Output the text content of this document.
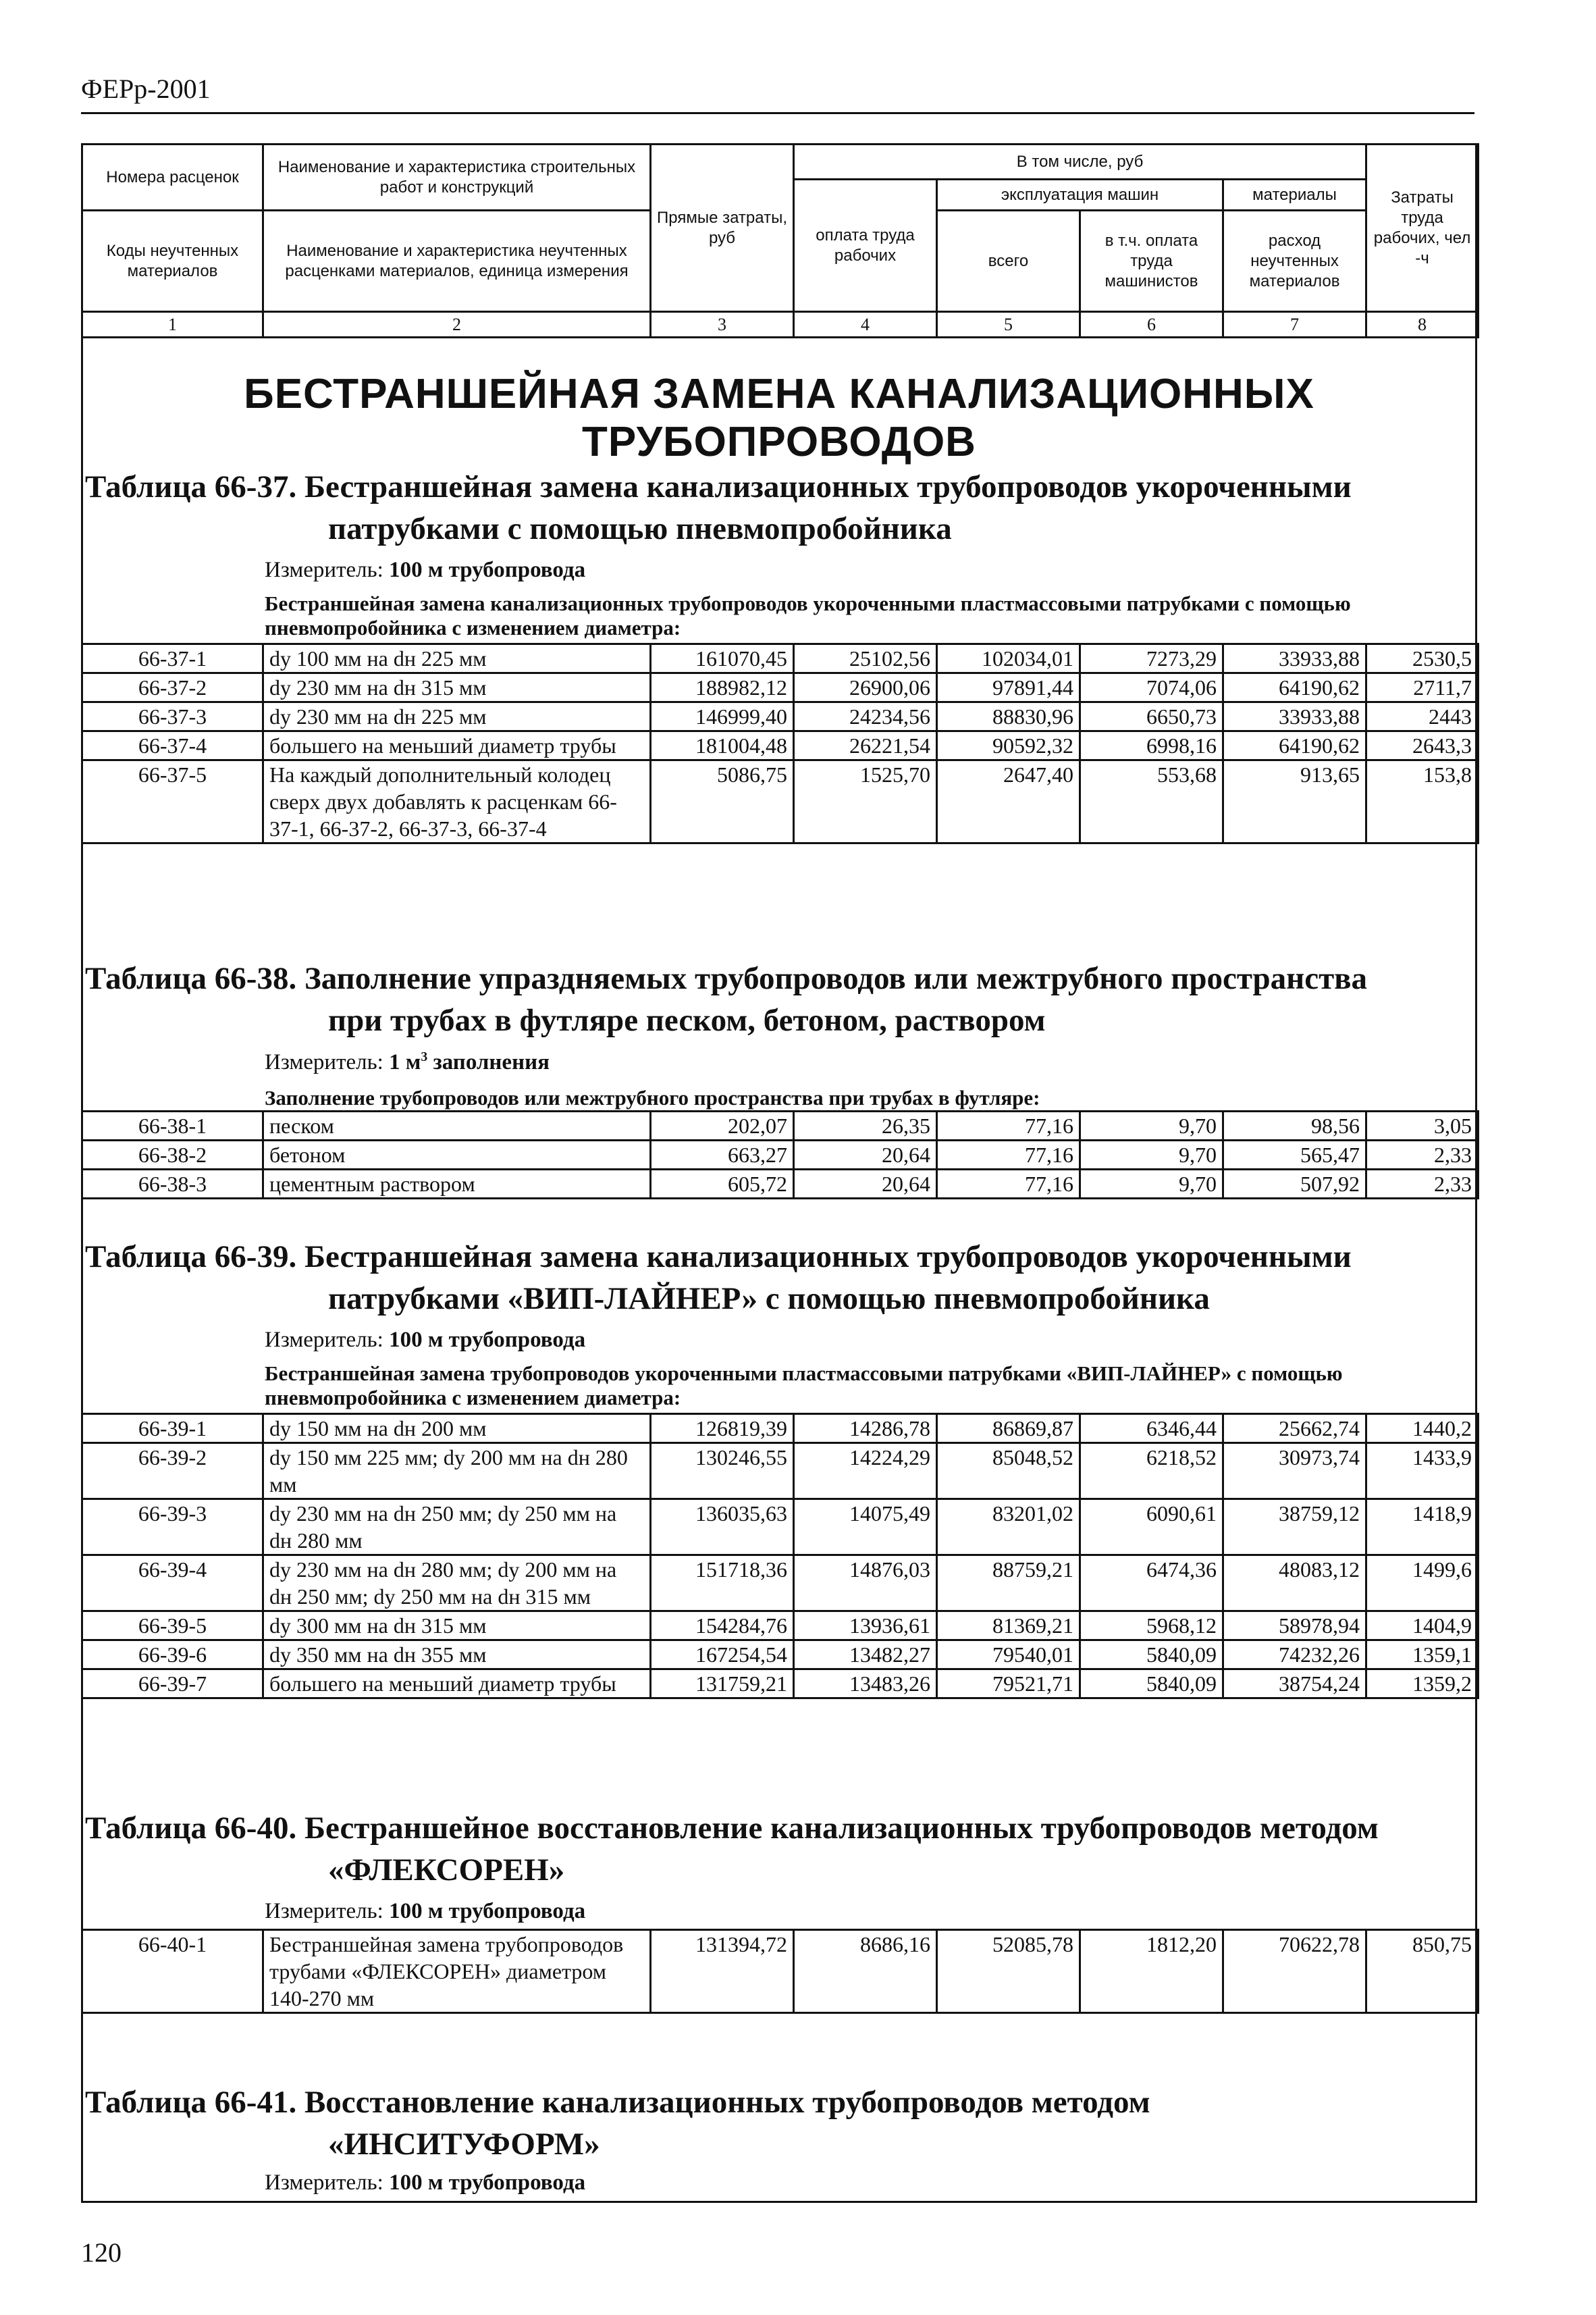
ФЕРр-2001
Номера расценок	Наименование и характеристика строительных работ и конструкций	Прямые затраты, руб	В том числе, руб				Затраты труда рабочих, чел -ч
			оплата труда рабочих	эксплуатация машин		материалы	
Коды неучтенных материалов	Наименование и характеристика неучтенных расценками материалов, единица измерения			всего	в т.ч. оплата труда машинистов	расход неучтенных материалов	

1	2	3	4	5	6	7	8
БЕСТРАНШЕЙНАЯ ЗАМЕНА КАНАЛИЗАЦИОННЫХ ТРУБОПРОВОДОВ
Таблица 66-37. Бестраншейная замена канализационных трубопроводов укороченными
патрубками с помощью пневмопробойника
Измеритель: 100 м трубопровода
Бестраншейная замена канализационных трубопроводов укороченными пластмассовыми патрубками с помощью пневмопробойника с изменением диаметра:
66-37-1	dy 100 мм на dн 225 мм	161070,45	25102,56	102034,01	7273,29	33933,88	2530,5
66-37-2	dy 230 мм на dн 315 мм	188982,12	26900,06	97891,44	7074,06	64190,62	2711,7
66-37-3	dy 230 мм на dн 225 мм	146999,40	24234,56	88830,96	6650,73	33933,88	2443
66-37-4	большего на меньший диаметр трубы	181004,48	26221,54	90592,32	6998,16	64190,62	2643,3
66-37-5	На каждый дополнительный колодец сверх двух добавлять к расценкам 66-37-1, 66-37-2, 66-37-3, 66-37-4	5086,75	1525,70	2647,40	553,68	913,65	153,8
Таблица 66-38. Заполнение упраздняемых трубопроводов или межтрубного пространства
при трубах в футляре песком, бетоном, раствором
Измеритель: 1 $м^3$ заполнения
Заполнение трубопроводов или межтрубного пространства при трубах в футляре:
66-38-1	песком	202,07	26,35	77,16	9,70	98,56	3,05
66-38-2	бетоном	663,27	20,64	77,16	9,70	565,47	2,33
66-38-3	цементным раствором	605,72	20,64	77,16	9,70	507,92	2,33
Таблица 66-39. Бестраншейная замена канализационных трубопроводов укороченными
патрубками «ВИП-ЛАЙНЕР» с помощью пневмопробойника
Измеритель: 100 м трубопровода
Бестраншейная замена трубопроводов укороченными пластмассовыми патрубками «ВИП-ЛАЙНЕР» с помощью пневмопробойника с изменением диаметра:
66-39-1	dy 150 мм на dн 200 мм	126819,39	14286,78	86869,87	6346,44	25662,74	1440,2
66-39-2	dy 150 мм 225 мм; dy 200 мм на dн 280 мм	130246,55	14224,29	85048,52	6218,52	30973,74	1433,9
66-39-3	dy 230 мм на dн 250 мм; dy 250 мм на dн 280 мм	136035,63	14075,49	83201,02	6090,61	38759,12	1418,9
66-39-4	dy 230 мм на dн 280 мм; dy 200 мм на dн 250 мм; dy 250 мм на dн 315 мм	151718,36	14876,03	88759,21	6474,36	48083,12	1499,6
66-39-5	dy 300 мм на dн 315 мм	154284,76	13936,61	81369,21	5968,12	58978,94	1404,9
66-39-6	dy 350 мм на dн 355 мм	167254,54	13482,27	79540,01	5840,09	74232,26	1359,1
66-39-7	большего на меньший диаметр трубы	131759,21	13483,26	79521,71	5840,09	38754,24	1359,2
Таблица 66-40. Бестраншейное восстановление канализационных трубопроводов методом
«ФЛЕКСОРЕН»
Измеритель: 100 м трубопровода
66-40-1	Бестраншейная замена трубопроводов трубами «ФЛЕКСОРЕН» диаметром 140-270 мм	131394,72	8686,16	52085,78	1812,20	70622,78	850,75
Таблица 66-41. Восстановление канализационных трубопроводов методом
«ИНСИТУФОРМ»
Измеритель: 100 м трубопровода
120
